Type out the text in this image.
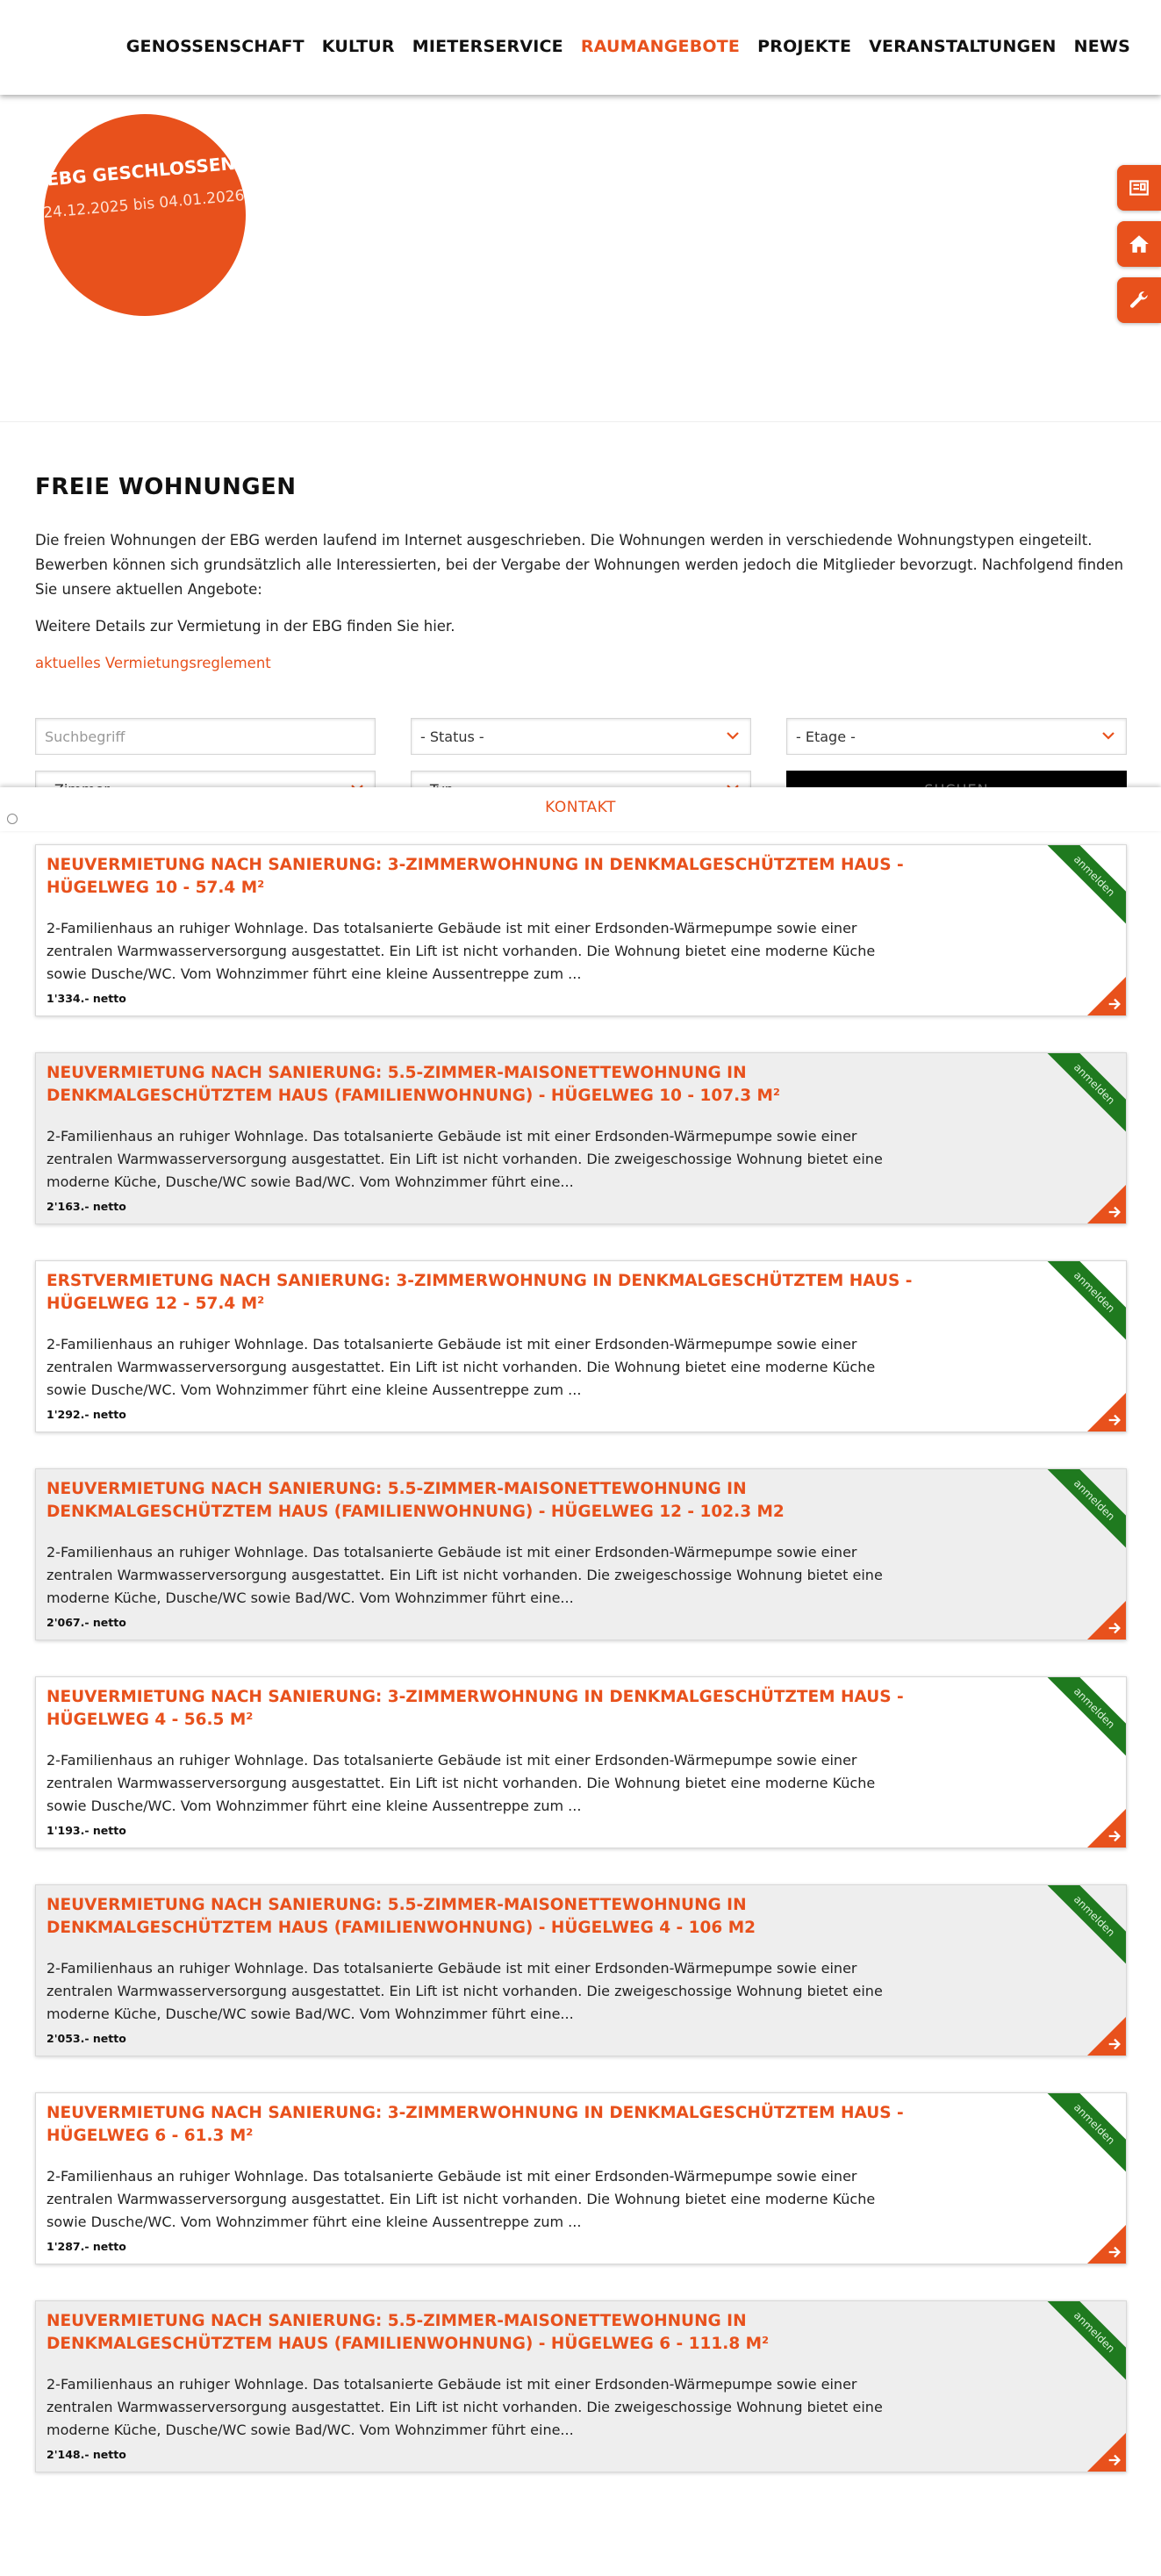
GENOSSENSCHAFT KULTUR MIETERSERVICE RAUMANGEBOTE PROJEKTE VERANSTALTUNGEN NEWS
EBG GESCHLOSSEN
24.12.2025 bis 04.01.2026
FREIE WOHNUNGEN

Die freien Wohnungen der EBG werden laufend im Internet ausgeschrieben. Die Wohnungen werden in verschiedende Wohnungstypen eingeteilt. Bewerben können sich grundsätzlich alle Interessierten, bei der Vergabe der Wohnungen werden jedoch die Mitglieder bevorzugt. Nachfolgend finden Sie unsere aktuellen Angebote:

Weitere Details zur Vermietung in der EBG finden Sie hier.

aktuelles Vermietungsreglement
Suchbegriff	- Status -	- Etage -
KONTAKT
NEUVERMIETUNG NACH SANIERUNG: 3-ZIMMERWOHNUNG IN DENKMALGESCHÜTZTEM HAUS - HÜGELWEG 10 - 57.4 M²

2-Familienhaus an ruhiger Wohnlage. Das totalsanierte Gebäude ist mit einer Erdsonden-Wärmepumpe sowie einer zentralen Warmwasserversorgung ausgestattet. Ein Lift ist nicht vorhanden. Die Wohnung bietet eine moderne Küche sowie Dusche/WC. Vom Wohnzimmer führt eine kleine Aussentreppe zum ...

1'334.- netto
anmelden
NEUVERMIETUNG NACH SANIERUNG: 5.5-ZIMMER-MAISONETTEWOHNUNG IN DENKMALGESCHÜTZTEM HAUS (FAMILIENWOHNUNG) - HÜGELWEG 10 - 107.3 M²

2-Familienhaus an ruhiger Wohnlage. Das totalsanierte Gebäude ist mit einer Erdsonden-Wärmepumpe sowie einer zentralen Warmwasserversorgung ausgestattet. Ein Lift ist nicht vorhanden. Die zweigeschossige Wohnung bietet eine moderne Küche, Dusche/WC sowie Bad/WC. Vom Wohnzimmer führt eine...

2'163.- netto
anmelden
ERSTVERMIETUNG NACH SANIERUNG: 3-ZIMMERWOHNUNG IN DENKMALGESCHÜTZTEM HAUS - HÜGELWEG 12 - 57.4 M²

2-Familienhaus an ruhiger Wohnlage. Das totalsanierte Gebäude ist mit einer Erdsonden-Wärmepumpe sowie einer zentralen Warmwasserversorgung ausgestattet. Ein Lift ist nicht vorhanden. Die Wohnung bietet eine moderne Küche sowie Dusche/WC. Vom Wohnzimmer führt eine kleine Aussentreppe zum ...

1'292.- netto
anmelden
NEUVERMIETUNG NACH SANIERUNG: 5.5-ZIMMER-MAISONETTEWOHNUNG IN DENKMALGESCHÜTZTEM HAUS (FAMILIENWOHNUNG) - HÜGELWEG 12 - 102.3 M2

2-Familienhaus an ruhiger Wohnlage. Das totalsanierte Gebäude ist mit einer Erdsonden-Wärmepumpe sowie einer zentralen Warmwasserversorgung ausgestattet. Ein Lift ist nicht vorhanden. Die zweigeschossige Wohnung bietet eine moderne Küche, Dusche/WC sowie Bad/WC. Vom Wohnzimmer führt eine...

2'067.- netto
anmelden
NEUVERMIETUNG NACH SANIERUNG: 3-ZIMMERWOHNUNG IN DENKMALGESCHÜTZTEM HAUS - HÜGELWEG 4 - 56.5 M²

2-Familienhaus an ruhiger Wohnlage. Das totalsanierte Gebäude ist mit einer Erdsonden-Wärmepumpe sowie einer zentralen Warmwasserversorgung ausgestattet. Ein Lift ist nicht vorhanden. Die Wohnung bietet eine moderne Küche sowie Dusche/WC. Vom Wohnzimmer führt eine kleine Aussentreppe zum ...

1'193.- netto
anmelden
NEUVERMIETUNG NACH SANIERUNG: 5.5-ZIMMER-MAISONETTEWOHNUNG IN DENKMALGESCHÜTZTEM HAUS (FAMILIENWOHNUNG) - HÜGELWEG 4 - 106 M2

2-Familienhaus an ruhiger Wohnlage. Das totalsanierte Gebäude ist mit einer Erdsonden-Wärmepumpe sowie einer zentralen Warmwasserversorgung ausgestattet. Ein Lift ist nicht vorhanden. Die zweigeschossige Wohnung bietet eine moderne Küche, Dusche/WC sowie Bad/WC. Vom Wohnzimmer führt eine...

2'053.- netto
anmelden
NEUVERMIETUNG NACH SANIERUNG: 3-ZIMMERWOHNUNG IN DENKMALGESCHÜTZTEM HAUS - HÜGELWEG 6 - 61.3 M²

2-Familienhaus an ruhiger Wohnlage. Das totalsanierte Gebäude ist mit einer Erdsonden-Wärmepumpe sowie einer zentralen Warmwasserversorgung ausgestattet. Ein Lift ist nicht vorhanden. Die Wohnung bietet eine moderne Küche sowie Dusche/WC. Vom Wohnzimmer führt eine kleine Aussentreppe zum ...

1'287.- netto
anmelden
NEUVERMIETUNG NACH SANIERUNG: 5.5-ZIMMER-MAISONETTEWOHNUNG IN DENKMALGESCHÜTZTEM HAUS (FAMILIENWOHNUNG) - HÜGELWEG 6 - 111.8 M²

2-Familienhaus an ruhiger Wohnlage. Das totalsanierte Gebäude ist mit einer Erdsonden-Wärmepumpe sowie einer zentralen Warmwasserversorgung ausgestattet. Ein Lift ist nicht vorhanden. Die zweigeschossige Wohnung bietet eine moderne Küche, Dusche/WC sowie Bad/WC. Vom Wohnzimmer führt eine...

2'148.- netto
anmelden
